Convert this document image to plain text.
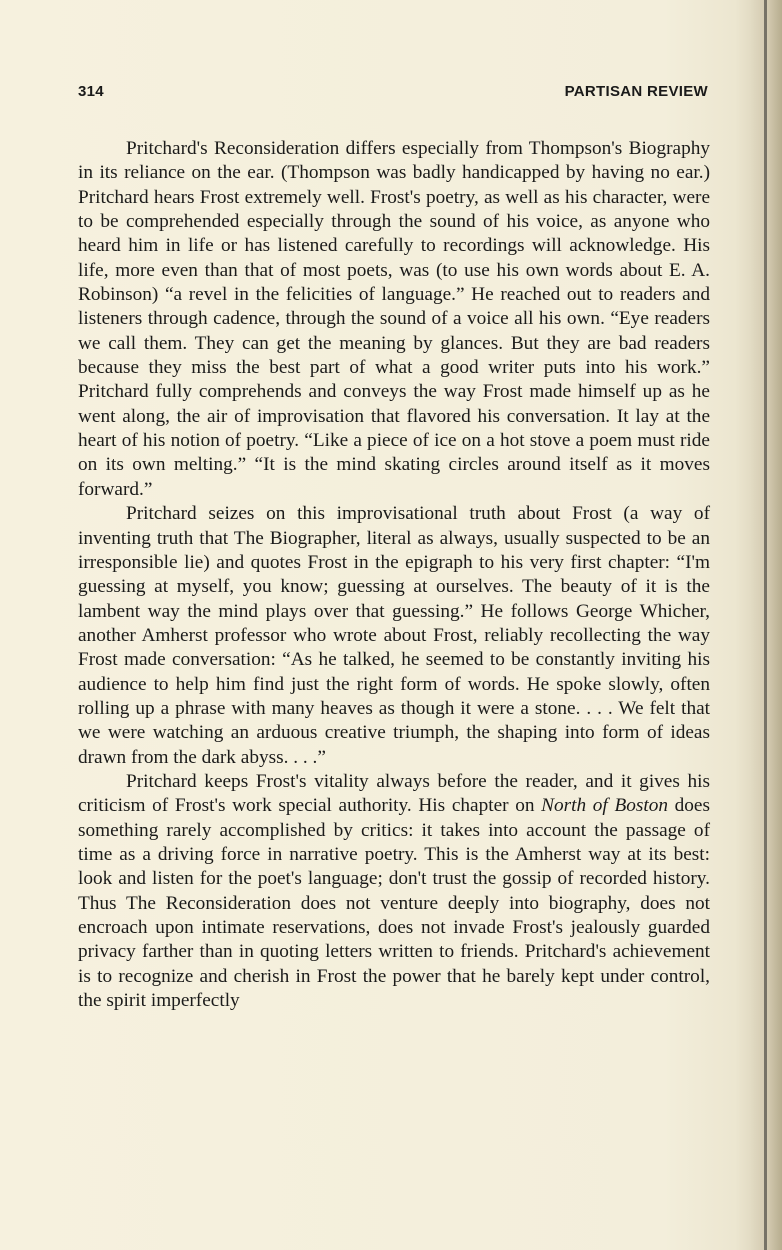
314	PARTISAN REVIEW

Pritchard's Reconsideration differs especially from Thompson's Biography in its reliance on the ear. (Thompson was badly handicapped by having no ear.) Pritchard hears Frost extremely well. Frost's poetry, as well as his character, were to be comprehended especially through the sound of his voice, as anyone who heard him in life or has listened carefully to recordings will acknowledge. His life, more even than that of most poets, was (to use his own words about E. A. Robinson) “a revel in the felicities of language.” He reached out to readers and listeners through cadence, through the sound of a voice all his own. “Eye readers we call them. They can get the meaning by glances. But they are bad readers because they miss the best part of what a good writer puts into his work.” Pritchard fully comprehends and conveys the way Frost made himself up as he went along, the air of improvisation that flavored his conversation. It lay at the heart of his notion of poetry. “Like a piece of ice on a hot stove a poem must ride on its own melting.” “It is the mind skating circles around itself as it moves forward.”

Pritchard seizes on this improvisational truth about Frost (a way of inventing truth that The Biographer, literal as always, usually suspected to be an irresponsible lie) and quotes Frost in the epigraph to his very first chapter: “I'm guessing at myself, you know; guessing at ourselves. The beauty of it is the lambent way the mind plays over that guessing.” He follows George Whicher, another Amherst professor who wrote about Frost, reliably recollecting the way Frost made conversation: “As he talked, he seemed to be constantly inviting his audience to help him find just the right form of words. He spoke slowly, often rolling up a phrase with many heaves as though it were a stone. . . . We felt that we were watching an arduous creative triumph, the shaping into form of ideas drawn from the dark abyss. . . .”

Pritchard keeps Frost's vitality always before the reader, and it gives his criticism of Frost's work special authority. His chapter on North of Boston does something rarely accomplished by critics: it takes into account the passage of time as a driving force in narrative poetry. This is the Amherst way at its best: look and listen for the poet's language; don't trust the gossip of recorded history. Thus The Reconsideration does not venture deeply into biography, does not encroach upon intimate reservations, does not invade Frost's jealously guarded privacy farther than in quoting letters written to friends. Pritchard's achievement is to recognize and cherish in Frost the power that he barely kept under control, the spirit imperfectly
